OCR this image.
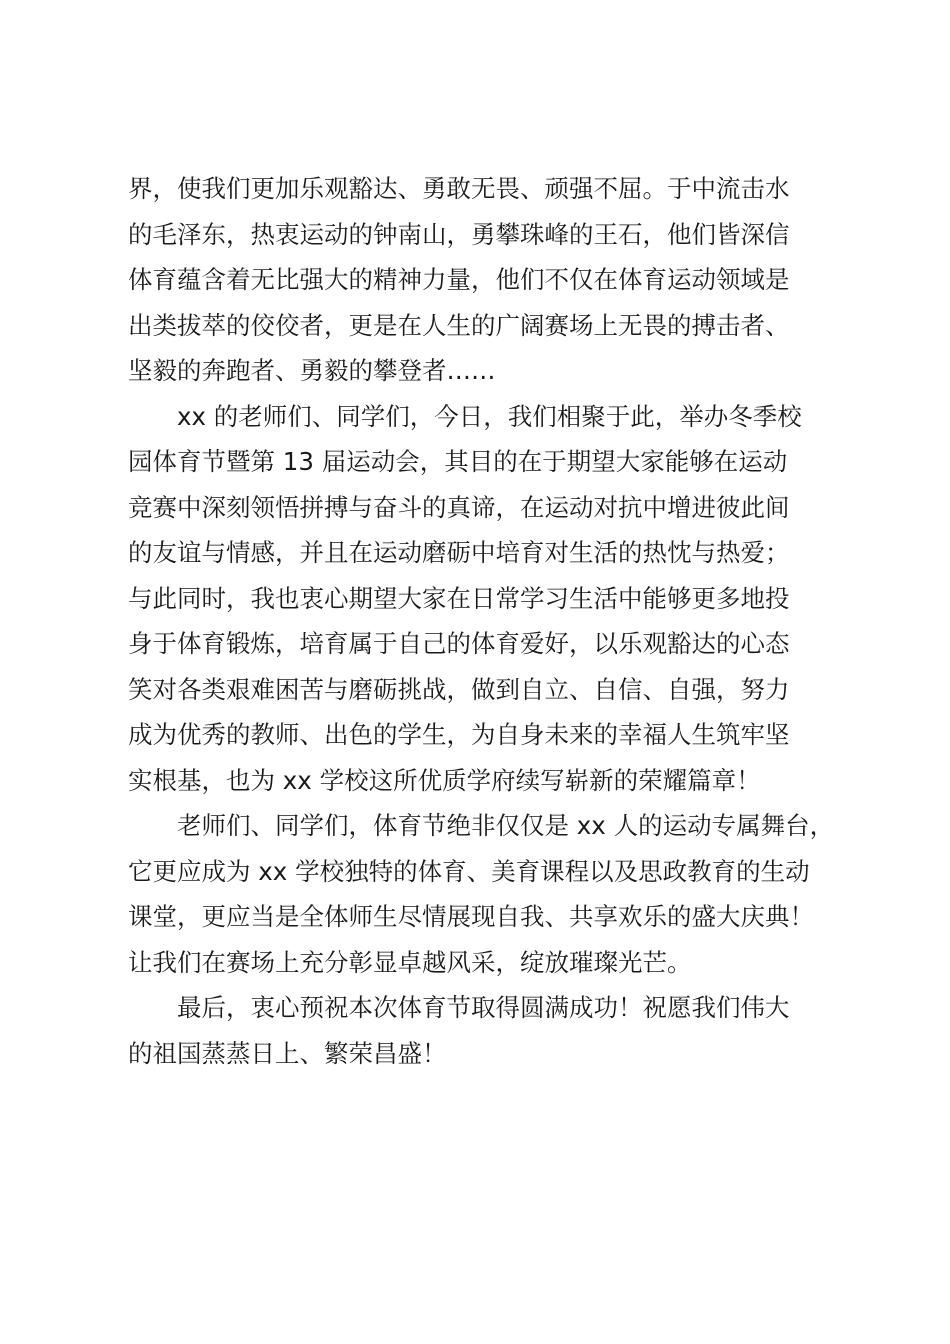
界，使我们更加乐观豁达、勇敢无畏、顽强不屈。于中流击水
的毛泽东，热衷运动的钟南山，勇攀珠峰的王石，他们皆深信
体育蕴含着无比强大的精神力量，他们不仅在体育运动领域是
出类拔萃的佼佼者，更是在人生的广阔赛场上无畏的搏击者、
坚毅的奔跑者、勇毅的攀登者……
xx 的老师们、同学们，今日，我们相聚于此，举办冬季校
园体育节暨第 13 届运动会，其目的在于期望大家能够在运动
竞赛中深刻领悟拼搏与奋斗的真谛，在运动对抗中增进彼此间
的友谊与情感，并且在运动磨砺中培育对生活的热忱与热爱；
与此同时，我也衷心期望大家在日常学习生活中能够更多地投
身于体育锻炼，培育属于自己的体育爱好，以乐观豁达的心态
笑对各类艰难困苦与磨砺挑战，做到自立、自信、自强，努力
成为优秀的教师、出色的学生，为自身未来的幸福人生筑牢坚
实根基，也为 xx 学校这所优质学府续写崭新的荣耀篇章！
老师们、同学们，体育节绝非仅仅是 xx 人的运动专属舞台，
它更应成为 xx 学校独特的体育、美育课程以及思政教育的生动
课堂，更应当是全体师生尽情展现自我、共享欢乐的盛大庆典！
让我们在赛场上充分彰显卓越风采，绽放璀璨光芒。
最后，衷心预祝本次体育节取得圆满成功！祝愿我们伟大
的祖国蒸蒸日上、繁荣昌盛！
